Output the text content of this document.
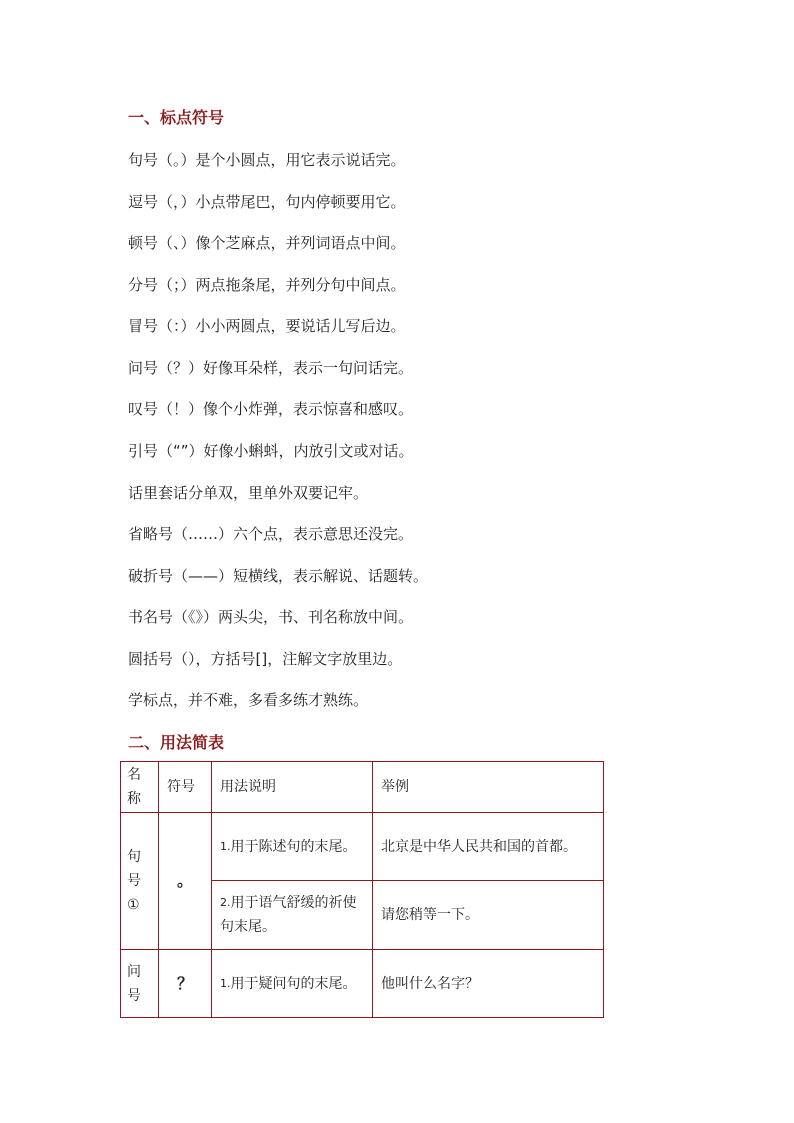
一、标点符号
句号（。）是个小圆点，用它表示说话完。
逗号（，）小点带尾巴，句内停顿要用它。
顿号（、）像个芝麻点，并列词语点中间。
分号（；）两点拖条尾，并列分句中间点。
冒号（：）小小两圆点，要说话儿写后边。
问号（？）好像耳朵样，表示一句问话完。
叹号（！）像个小炸弹，表示惊喜和感叹。
引号（“”）好像小蝌蚪，内放引文或对话。
话里套话分单双，里单外双要记牢。
省略号（……）六个点，表示意思还没完。
破折号（——）短横线，表示解说、话题转。
书名号（《》）两头尖，书、刊名称放中间。
圆括号（），方括号[]，注解文字放里边。
学标点，并不难，多看多练才熟练。
二、用法简表
名称	符号	用法说明	举例
句号①	。	$^{1.}$用于陈述句的末尾。	北京是中华人民共和国的首都。
		$^{2.}$用于语气舒缓的祈使句末尾。	请您稍等一下。
问号	？	$^{1.}$用于疑问句的末尾。	他叫什么名字？
